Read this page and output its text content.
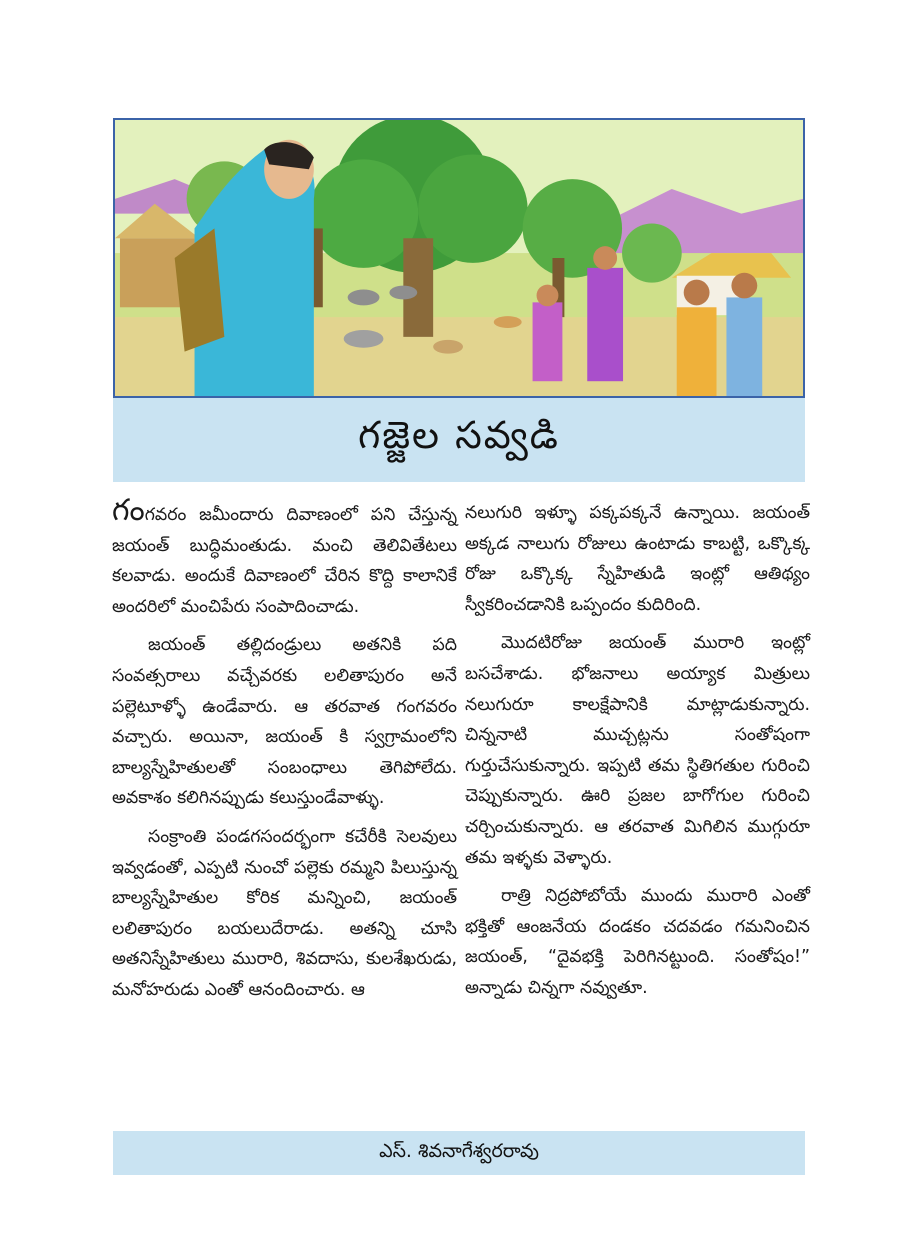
గజ్జెల సవ్వడి

గంగవరం జమీందారు దివాణంలో పని చేస్తున్న జయంత్ బుద్ధిమంతుడు. మంచి తెలివితేటలు కలవాడు. అందుకే దివాణంలో చేరిన కొద్ది కాలానికే అందరిలో మంచిపేరు సంపాదించాడు.

జయంత్ తల్లిదండ్రులు అతనికి పది సంవత్సరాలు వచ్చేవరకు లలితాపురం అనే పల్లెటూళ్ళో ఉండేవారు. ఆ తరవాత గంగవరం వచ్చారు. అయినా, జయంత్ కి స్వగ్రామంలోని బాల్యస్నేహితులతో సంబంధాలు తెగిపోలేదు. అవకాశం కలిగినప్పుడు కలుస్తుండేవాళ్ళు.

సంక్రాంతి పండగసందర్భంగా కచేరీకి సెలవులు ఇవ్వడంతో, ఎప్పటి నుంచో పల్లెకు రమ్మని పిలుస్తున్న బాల్యస్నేహితుల కోరిక మన్నించి, జయంత్ లలితాపురం బయలుదేరాడు. అతన్ని చూసి అతనిస్నేహితులు మురారి, శివదాసు, కులశేఖరుడు, మనోహరుడు ఎంతో ఆనందించారు. ఆ

నలుగురి ఇళ్ళూ పక్కపక్కనే ఉన్నాయి. జయంత్ అక్కడ నాలుగు రోజులు ఉంటాడు కాబట్టి, ఒక్కొక్క రోజు ఒక్కొక్క స్నేహితుడి ఇంట్లో ఆతిథ్యం స్వీకరించడానికి ఒప్పందం కుదిరింది.

మొదటిరోజు జయంత్ మురారి ఇంట్లో బసచేశాడు. భోజనాలు అయ్యాక మిత్రులు నలుగురూ కాలక్షేపానికి మాట్లాడుకున్నారు. చిన్ననాటి ముచ్చట్లను సంతోషంగా గుర్తుచేసుకున్నారు. ఇప్పటి తమ స్థితిగతుల గురించి చెప్పుకున్నారు. ఊరి ప్రజల బాగోగుల గురించి చర్చించుకున్నారు. ఆ తరవాత మిగిలిన ముగ్గురూ తమ ఇళ్ళకు వెళ్ళారు.

రాత్రి నిద్రపోబోయే ముందు మురారి ఎంతో భక్తితో ఆంజనేయ దండకం చదవడం గమనించిన జయంత్, “దైవభక్తి పెరిగినట్టుంది. సంతోషం!” అన్నాడు చిన్నగా నవ్వుతూ.

ఎస్. శివనాగేశ్వరరావు
